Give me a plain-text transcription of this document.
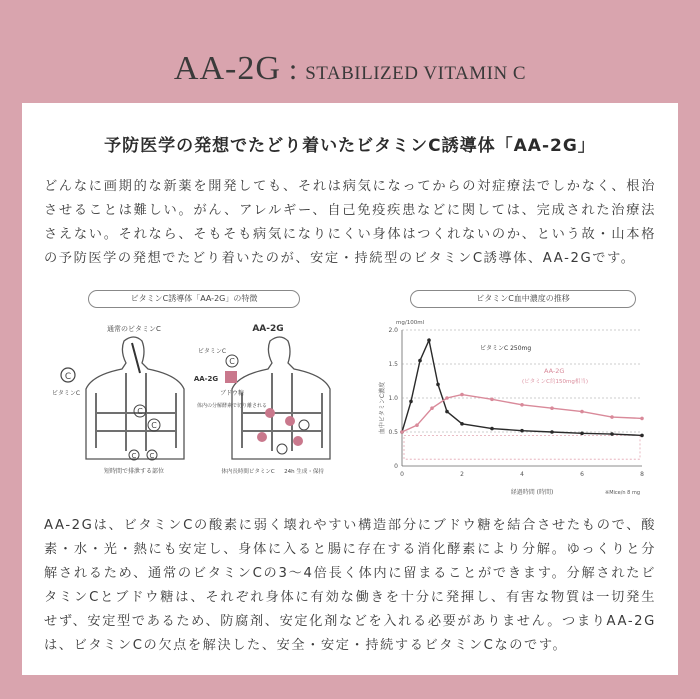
AA-2G : STABILIZED VITAMIN C
予防医学の発想でたどり着いたビタミンC誘導体「AA-2G」
どんなに画期的な新薬を開発しても、それは病気になってからの対症療法でしかなく、根治させることは難しい。がん、アレルギー、自己免疫疾患などに関しては、完成された治療法さえない。それなら、そもそも病気になりにくい身体はつくれないのか、という故・山本格の予防医学の発想でたどり着いたのが、安定・持続型のビタミンC誘導体、AA-2Gです。
ビタミンC誘導体「AA-2G」の特徴	ビタミンC血中濃度の推移
通常のビタミンC
C
ビタミンC
C
C
C C
短時間で排泄する部位
AA-2G
ビタミンC
AA-2G
C
ブドウ糖
体内の分解酵素で切り離される
体内長時間ビタミンC 24h 生成・保持
mg/100ml
血中ビタミンC濃度
経過時間 (時間)	※Mice/n 8 mg
0
0.5
1.0
1.5
2.0
0	2	4	6	8
ビタミンC 250mg
AA-2G
(ビタミンC約150mg相当)
AA-2Gは、ビタミンCの酸素に弱く壊れやすい構造部分にブドウ糖を結合させたもので、酸素・水・光・熱にも安定し、身体に入ると腸に存在する消化酵素により分解。ゆっくりと分解されるため、通常のビタミンCの3～4倍長く体内に留まることができます。分解されたビタミンCとブドウ糖は、それぞれ身体に有効な働きを十分に発揮し、有害な物質は一切発生せず、安定型であるため、防腐剤、安定化剤などを入れる必要がありません。つまりAA-2Gは、ビタミンCの欠点を解決した、安全・安定・持続するビタミンCなのです。
